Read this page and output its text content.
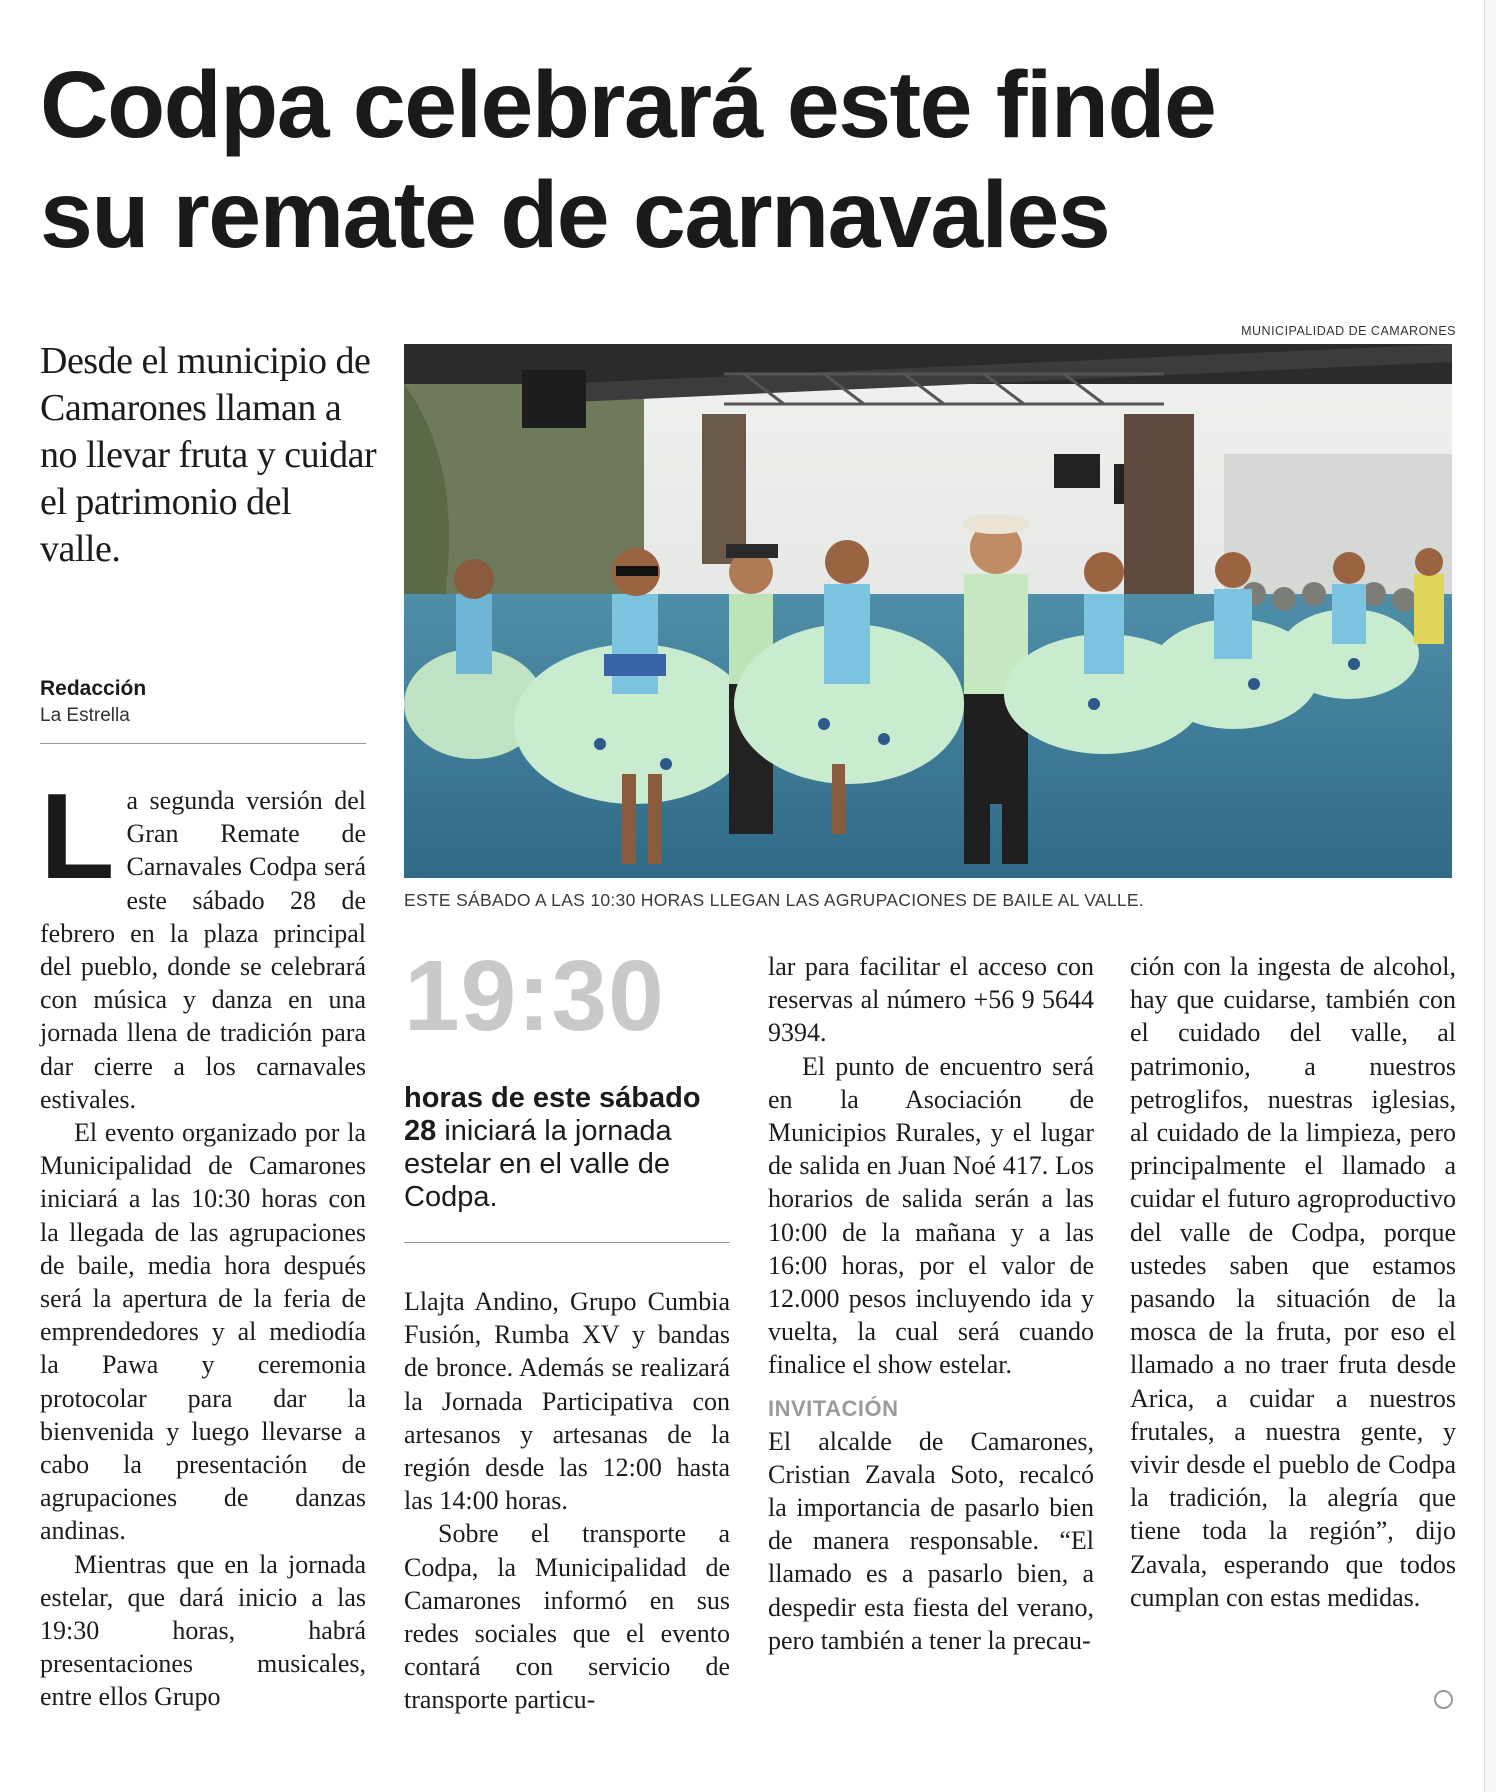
Codpa celebrará este finde
su remate de carnavales
Desde el municipio de Camarones llaman a no llevar fruta y cuidar el patrimonio del valle.
Redacción
La Estrella
MUNICIPALIDAD DE CAMARONES
ESTE SÁBADO A LAS 10:30 HORAS LLEGAN LAS AGRUPACIONES DE BAILE AL VALLE.

La segunda versión del Gran Remate de Carnavales Codpa será este sábado 28 de febrero en la plaza principal del pueblo, donde se celebrará con música y danza en una jornada llena de tradición para dar cierre a los carnavales estivales.

El evento organizado por la Municipalidad de Camarones iniciará a las 10:30 horas con la llegada de las agrupaciones de baile, media hora después será la apertura de la feria de emprendedores y al mediodía la Pawa y ceremonia protocolar para dar la bienvenida y luego llevarse a cabo la presentación de agrupaciones de danzas andinas.

Mientras que en la jornada estelar, que dará inicio a las 19:30 horas, habrá presentaciones musicales, entre ellos Grupo

19:30
horas de este sábado 28 iniciará la jornada estelar en el valle de Codpa.

Llajta Andino, Grupo Cumbia Fusión, Rumba XV y bandas de bronce. Además se realizará la Jornada Participativa con artesanos y artesanas de la región desde las 12:00 hasta las 14:00 horas.

Sobre el transporte a Codpa, la Municipalidad de Camarones informó en sus redes sociales que el evento contará con servicio de transporte particu-

lar para facilitar el acceso con reservas al número +56 9 5644 9394.

El punto de encuentro será en la Asociación de Municipios Rurales, y el lugar de salida en Juan Noé 417. Los horarios de salida serán a las 10:00 de la mañana y a las 16:00 horas, por el valor de 12.000 pesos incluyendo ida y vuelta, la cual será cuando finalice el show estelar.

INVITACIÓN

El alcalde de Camarones, Cristian Zavala Soto, recalcó la importancia de pasarlo bien de manera responsable. “El llamado es a pasarlo bien, a despedir esta fiesta del verano, pero también a tener la precau-

ción con la ingesta de alcohol, hay que cuidarse, también con el cuidado del valle, al patrimonio, a nuestros petroglifos, nuestras iglesias, al cuidado de la limpieza, pero principalmente el llamado a cuidar el futuro agroproductivo del valle de Codpa, porque ustedes saben que estamos pasando la situación de la mosca de la fruta, por eso el llamado a no traer fruta desde Arica, a cuidar a nuestros frutales, a nuestra gente, y vivir desde el pueblo de Codpa la tradición, la alegría que tiene toda la región”, dijo Zavala, esperando que todos cumplan con estas medidas.
